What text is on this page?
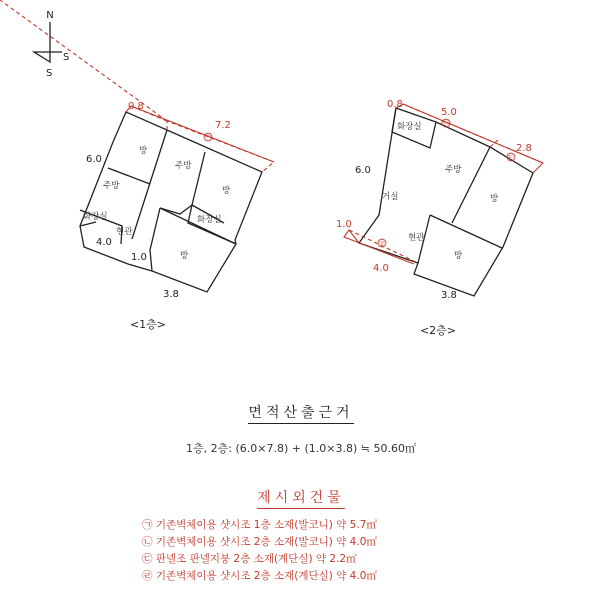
N
S
S
0.8
7.2
㉠
6.0
4.0
1.0
3.8
방
주방
주방	방
화장실	화장실
현관
방
<1층>
0.8
5.0
2.8
1.0
4.0
㉡
㉢
㉣
6.0
3.8
화장실
거실
주방
방
현관
방
<2층>
면적산출근거
1층, 2층: (6.0×7.8) + (1.0×3.8) ≒ 50.60㎡
제시외건물
㉠ 기존벽체이용 샷시조 1층 소재(발코니) 약 5.7㎡
㉡ 기존벽체이용 샷시조 2층 소재(발코니) 약 4.0㎡
㉢ 판넬조 판넬지붕 2층 소재(계단실) 약 2.2㎡
㉣ 기존벽체이용 샷시조 2층 소재(계단실) 약 4.0㎡
